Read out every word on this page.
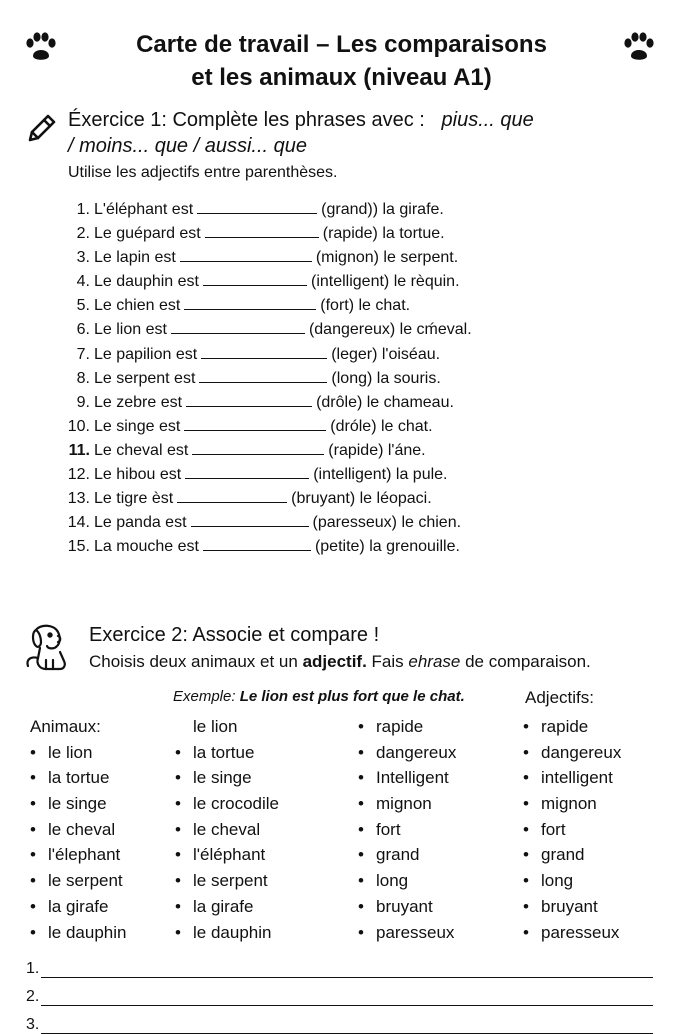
Carte de travail – Les comparaisons

et les animaux (niveau A1)

Éxercice 1: Complète les phrases avec : pius... que
/ moins... que / aussi... que
Utilise les adjectifs entre parenthèses.
1. L'éléphant est	(grand)) la girafe.
2. Le guépard est	(rapide) la tortue.
3. Le lapin est	(mignon) le serpent.
4. Le dauphin est	(intelligent) le rèquin.
5. Le chien est	(fort) le chat.
6. Le lion est	(dangereux) le cḿeval.
7. Le papilion est	(leger) l'oiséau.
8. Le serpent est	(long) la souris.
9. Le zebre est	(drôle) le chameau.
10. Le singe est	(dróle) le chat.
11. Le cheval est	(rapide) l'áne.
12. Le hibou est	(intelligent) la pule.
13. Le tigre èst	(bruyant) le léopaci.
14. Le panda est	(paresseux) le chien.
15. La mouche est	(petite) la grenouille.
Exercice 2: Associe et compare !
Choisis deux animaux et un adjectif. Fais ehrase de comparaison.
Exemple: Le lion est plus fort que le chat.	Adjectifs:
Animaux:
• le lion
• la tortue
• le singe
• le cheval
• l'élephant
• le serpent
• la girafe
• le dauphin
le lion
• la tortue
• le singe
• le crocodile
• le cheval
• l'éléphant
• le serpent
• la girafe
• le dauphin
• rapide
• dangereux
• Intelligent
• mignon
• fort
• grand
• long
• bruyant
• paresseux
• rapide
• dangereux
• intelligent
• mignon
• fort
• grand
• long
• bruyant
• paresseux
1.
2.
3.
